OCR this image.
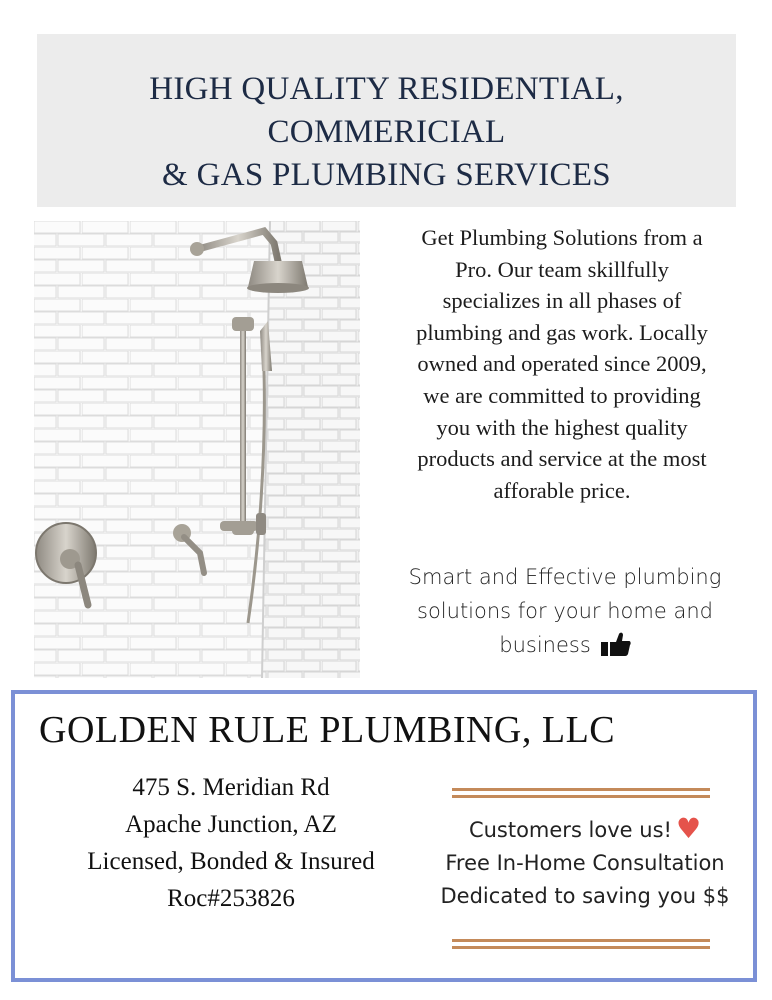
HIGH QUALITY RESIDENTIAL, COMMERICIAL
& GAS PLUMBING SERVICES
Get Plumbing Solutions from a
Pro. Our team skillfully
specializes in all phases of
plumbing and gas work. Locally
owned and operated since 2009,
we are committed to providing
you with the highest quality
products and service at the most
afforable price.
Smart and Effective plumbing
solutions for your home and
business
GOLDEN RULE PLUMBING, LLC
475 S. Meridian Rd
Apache Junction, AZ
Licensed, Bonded & Insured
Roc#253826
Customers love us! ♥
Free In-Home Consultation
Dedicated to saving you $$
